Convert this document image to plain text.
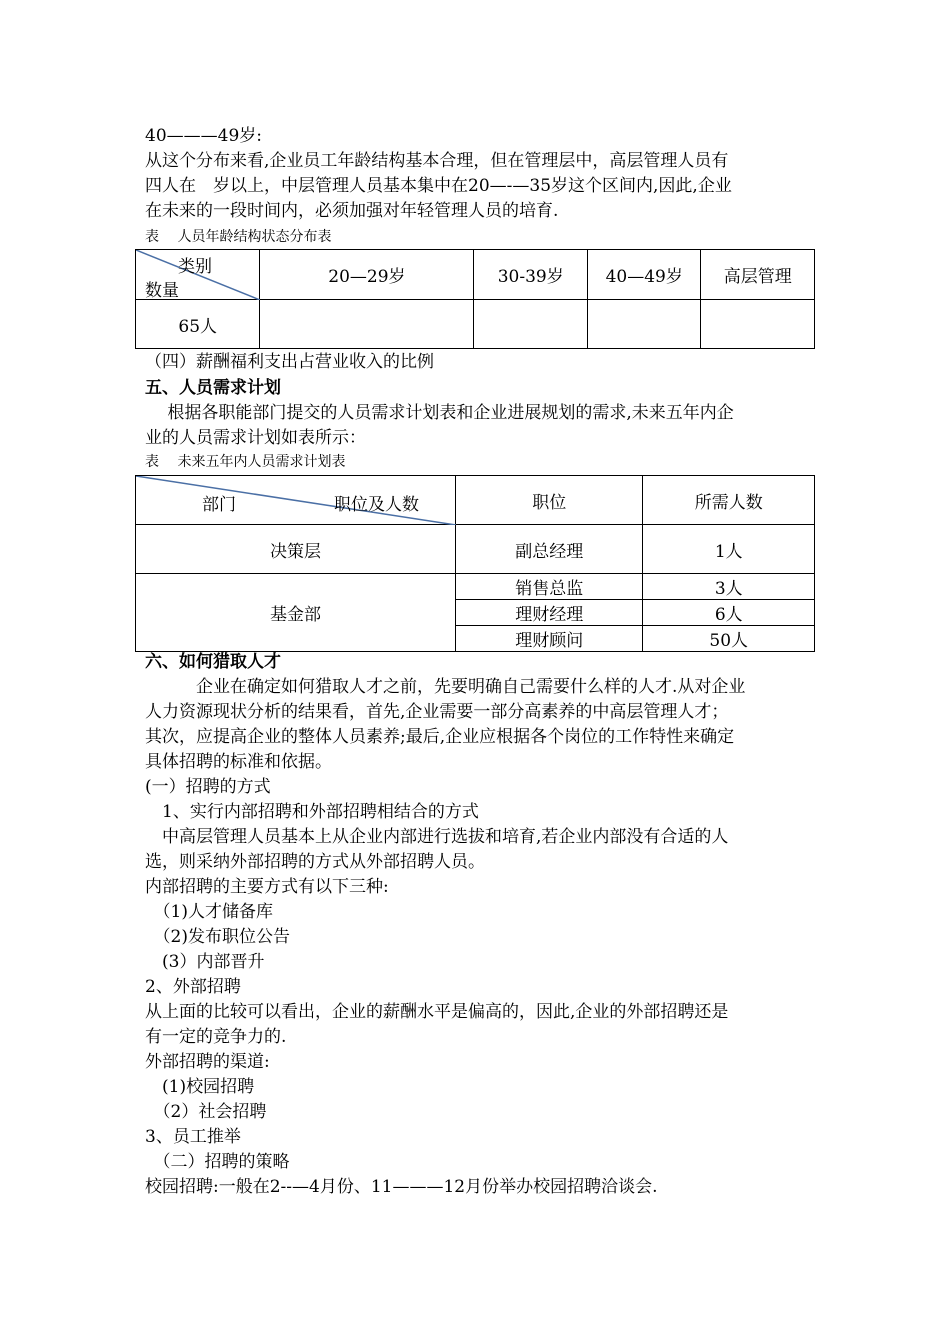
40———49岁:
从这个分布来看,企业员工年龄结构基本合理，但在管理层中，高层管理人员有
四人在　岁以上，中层管理人员基本集中在20—-—35岁这个区间内,因此,企业
在未来的一段时间内，必须加强对年轻管理人员的培育.
表　 人员年龄结构状态分布表
类别
数量	20—29岁	30-39岁	40—49岁	高层管理
65人				
（四）薪酬福利支出占营业收入的比例
五、人员需求计划
　 根据各职能部门提交的人员需求计划表和企业进展规划的需求,未来五年内企
业的人员需求计划如表所示：
表　 未来五年内人员需求计划表
部门 职位及人数	职位	所需人数
决策层	副总经理	1人
基金部	销售总监	3人
	理财经理	6人
	理财顾问	50人
六、如何猎取人才
　　　企业在确定如何猎取人才之前，先要明确自己需要什么样的人才.从对企业
人力资源现状分析的结果看，首先,企业需要一部分高素养的中高层管理人才；
其次，应提高企业的整体人员素养;最后,企业应根据各个岗位的工作特性来确定
具体招聘的标准和依据。
(一）招聘的方式
　1、实行内部招聘和外部招聘相结合的方式
　中高层管理人员基本上从企业内部进行选拔和培育,若企业内部没有合适的人
选，则采纳外部招聘的方式从外部招聘人员。
内部招聘的主要方式有以下三种:
　（1)人才储备库
　（2)发布职位公告
　(3）内部晋升
2、外部招聘
从上面的比较可以看出，企业的薪酬水平是偏高的，因此,企业的外部招聘还是
有一定的竞争力的.
外部招聘的渠道:
　(1)校园招聘
　（2）社会招聘
3、员工推举
　（二）招聘的策略
校园招聘:一般在2--—4月份、11———12月份举办校园招聘洽谈会.
